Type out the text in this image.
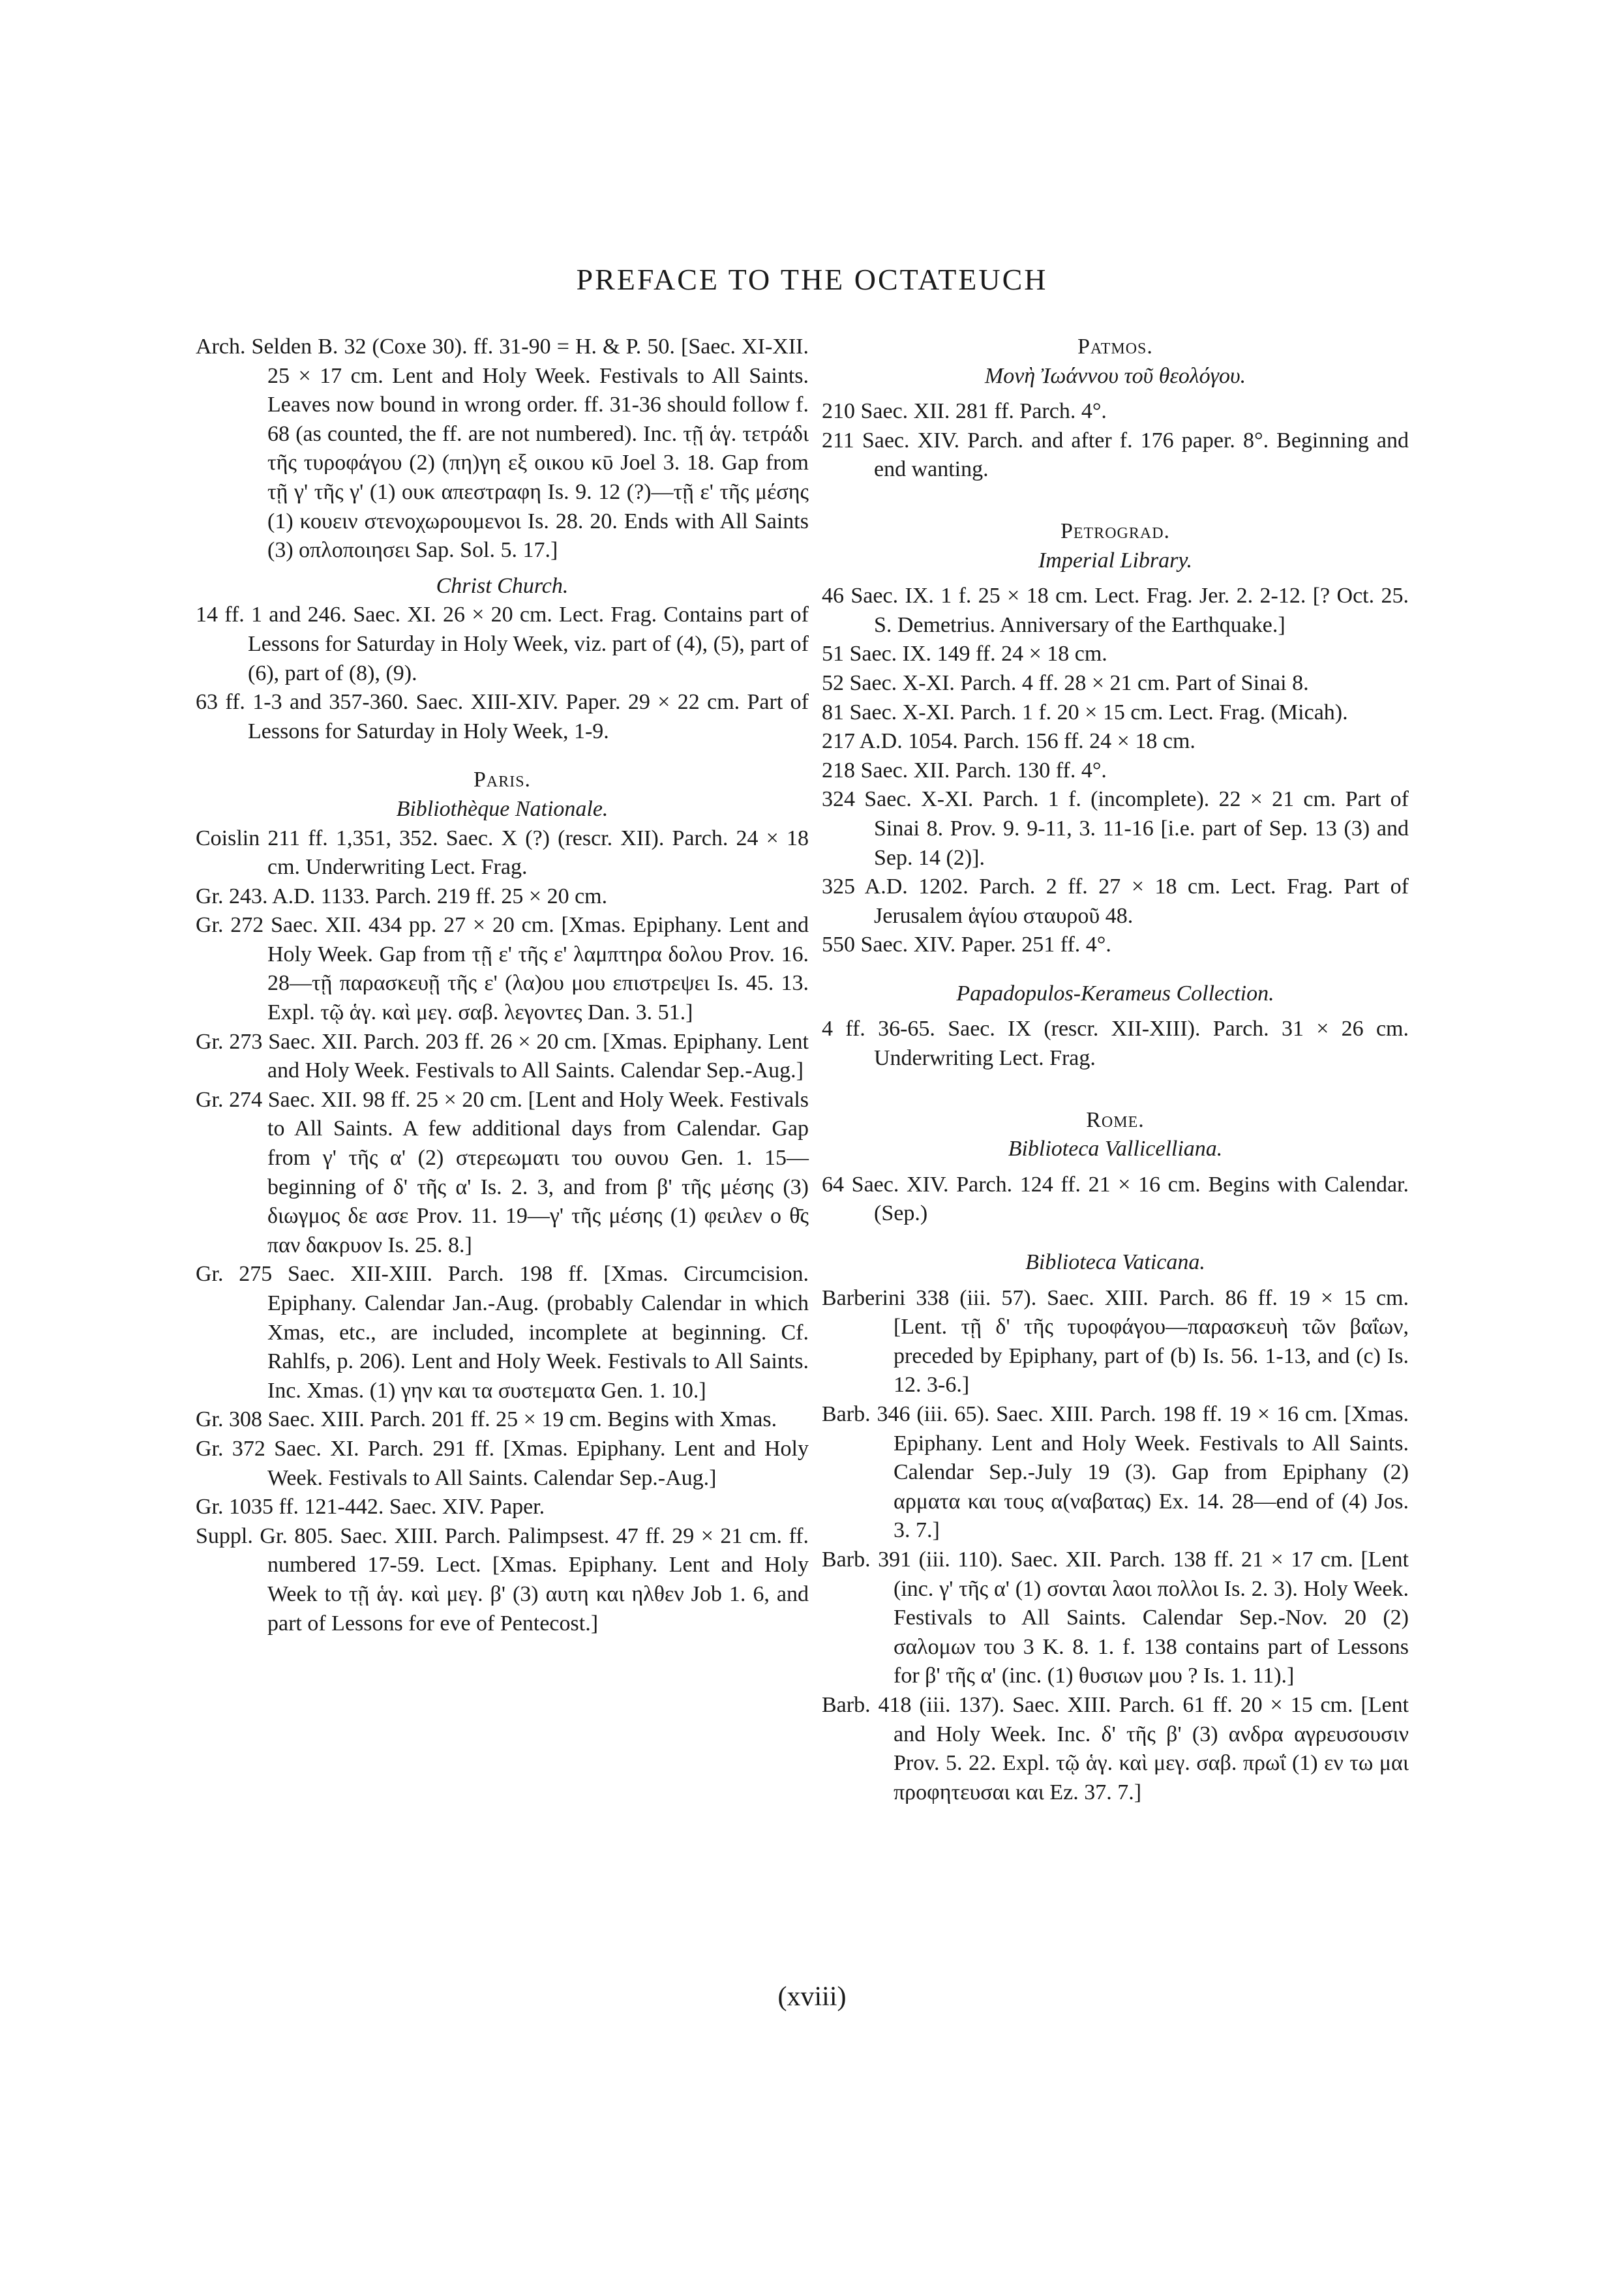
PREFACE TO THE OCTATEUCH

Arch. Selden B. 32 (Coxe 30). ff. 31-90 = H. & P. 50. [Saec. XI-XII. 25 × 17 cm. Lent and Holy Week. Festivals to All Saints. Leaves now bound in wrong order. ff. 31-36 should follow f. 68 (as counted, the ff. are not numbered). Inc. τῇ ἁγ. τετράδι τῆς τυροφάγου (2) (πη)γη εξ οικου κῡ Joel 3. 18. Gap from τῇ γ' τῆς γ' (1) ουκ απεστραφη Is. 9. 12 (?)—τῇ ε' τῆς μέσης (1) κουειν στενοχωρουμενοι Is. 28. 20. Ends with All Saints (3) οπλοποιησει Sap. Sol. 5. 17.]

Christ Church.

14 ff. 1 and 246. Saec. XI. 26 × 20 cm. Lect. Frag. Contains part of Lessons for Saturday in Holy Week, viz. part of (4), (5), part of (6), part of (8), (9).

63 ff. 1-3 and 357-360. Saec. XIII-XIV. Paper. 29 × 22 cm. Part of Lessons for Saturday in Holy Week, 1-9.

Paris.

Bibliothèque Nationale.

Coislin 211 ff. 1,351, 352. Saec. X (?) (rescr. XII). Parch. 24 × 18 cm. Underwriting Lect. Frag.

Gr. 243. A.D. 1133. Parch. 219 ff. 25 × 20 cm.

Gr. 272 Saec. XII. 434 pp. 27 × 20 cm. [Xmas. Epiphany. Lent and Holy Week. Gap from τῇ ε' τῆς ε' λαμπτηρα δολου Prov. 16. 28—τῇ παρασκευῇ τῆς ε' (λα)ου μου επιστρεψει Is. 45. 13. Expl. τῷ ἁγ. καὶ μεγ. σαβ. λεγοντες Dan. 3. 51.]

Gr. 273 Saec. XII. Parch. 203 ff. 26 × 20 cm. [Xmas. Epiphany. Lent and Holy Week. Festivals to All Saints. Calendar Sep.-Aug.]

Gr. 274 Saec. XII. 98 ff. 25 × 20 cm. [Lent and Holy Week. Festivals to All Saints. A few additional days from Calendar. Gap from γ' τῆς α' (2) στερεωματι του ουνου Gen. 1. 15—beginning of δ' τῆς α' Is. 2. 3, and from β' τῆς μέσης (3) διωγμος δε ασε Prov. 11. 19—γ' τῆς μέσης (1) φειλεν ο θ̄ς παν δακρυον Is. 25. 8.]

Gr. 275 Saec. XII-XIII. Parch. 198 ff. [Xmas. Circumcision. Epiphany. Calendar Jan.-Aug. (probably Calendar in which Xmas, etc., are included, incomplete at beginning. Cf. Rahlfs, p. 206). Lent and Holy Week. Festivals to All Saints. Inc. Xmas. (1) γην και τα συστεματα Gen. 1. 10.]

Gr. 308 Saec. XIII. Parch. 201 ff. 25 × 19 cm. Begins with Xmas.

Gr. 372 Saec. XI. Parch. 291 ff. [Xmas. Epiphany. Lent and Holy Week. Festivals to All Saints. Calendar Sep.-Aug.]

Gr. 1035 ff. 121-442. Saec. XIV. Paper.

Suppl. Gr. 805. Saec. XIII. Parch. Palimpsest. 47 ff. 29 × 21 cm. ff. numbered 17-59. Lect. [Xmas. Epiphany. Lent and Holy Week to τῇ ἁγ. καὶ μεγ. β' (3) αυτη και ηλθεν Job 1. 6, and part of Lessons for eve of Pentecost.]

Patmos.

Μονὴ Ἰωάννου τοῦ θεολόγου.

210 Saec. XII. 281 ff. Parch. 4°.

211 Saec. XIV. Parch. and after f. 176 paper. 8°. Beginning and end wanting.

Petrograd.

Imperial Library.

46 Saec. IX. 1 f. 25 × 18 cm. Lect. Frag. Jer. 2. 2-12. [? Oct. 25. S. Demetrius. Anniversary of the Earthquake.]

51 Saec. IX. 149 ff. 24 × 18 cm.

52 Saec. X-XI. Parch. 4 ff. 28 × 21 cm. Part of Sinai 8.

81 Saec. X-XI. Parch. 1 f. 20 × 15 cm. Lect. Frag. (Micah).

217 A.D. 1054. Parch. 156 ff. 24 × 18 cm.

218 Saec. XII. Parch. 130 ff. 4°.

324 Saec. X-XI. Parch. 1 f. (incomplete). 22 × 21 cm. Part of Sinai 8. Prov. 9. 9-11, 3. 11-16 [i.e. part of Sep. 13 (3) and Sep. 14 (2)].

325 A.D. 1202. Parch. 2 ff. 27 × 18 cm. Lect. Frag. Part of Jerusalem ἁγίου σταυροῦ 48.

550 Saec. XIV. Paper. 251 ff. 4°.

Papadopulos-Kerameus Collection.

4 ff. 36-65. Saec. IX (rescr. XII-XIII). Parch. 31 × 26 cm. Underwriting Lect. Frag.

Rome.

Biblioteca Vallicelliana.

64 Saec. XIV. Parch. 124 ff. 21 × 16 cm. Begins with Calendar. (Sep.)

Biblioteca Vaticana.

Barberini 338 (iii. 57). Saec. XIII. Parch. 86 ff. 19 × 15 cm. [Lent. τῇ δ' τῆς τυροφάγου—παρασκευὴ τῶν βαΐων, preceded by Epiphany, part of (b) Is. 56. 1-13, and (c) Is. 12. 3-6.]

Barb. 346 (iii. 65). Saec. XIII. Parch. 198 ff. 19 × 16 cm. [Xmas. Epiphany. Lent and Holy Week. Festivals to All Saints. Calendar Sep.-July 19 (3). Gap from Epiphany (2) αρματα και τους α(ναβατας) Ex. 14. 28—end of (4) Jos. 3. 7.]

Barb. 391 (iii. 110). Saec. XII. Parch. 138 ff. 21 × 17 cm. [Lent (inc. γ' τῆς α' (1) σονται λαοι πολλοι Is. 2. 3). Holy Week. Festivals to All Saints. Calendar Sep.-Nov. 20 (2) σαλομων του 3 K. 8. 1. f. 138 contains part of Lessons for β' τῆς α' (inc. (1) θυσιων μου ? Is. 1. 11).]

Barb. 418 (iii. 137). Saec. XIII. Parch. 61 ff. 20 × 15 cm. [Lent and Holy Week. Inc. δ' τῆς β' (3) ανδρα αγρευσουσιν Prov. 5. 22. Expl. τῷ ἁγ. καὶ μεγ. σαβ. πρωΐ (1) εν τω μαι προφητευσαι και Ez. 37. 7.]

(xviii)
